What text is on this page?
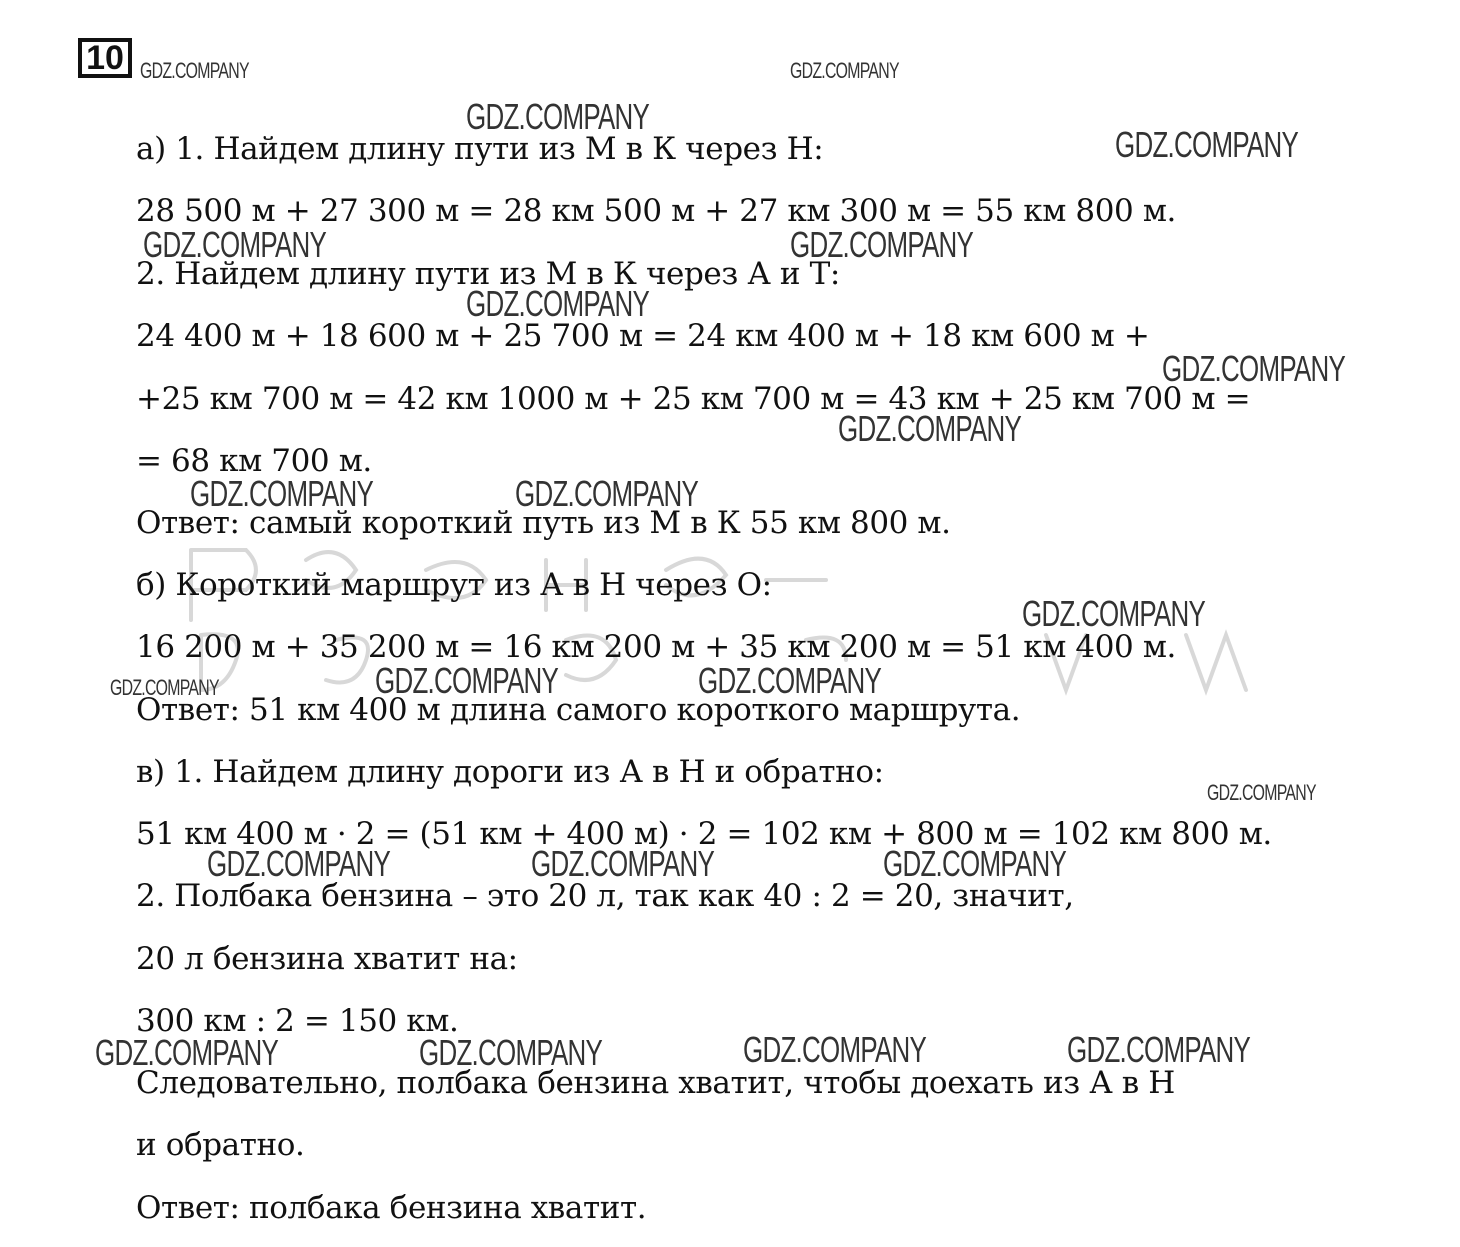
10 GDZ.COMPANY	GDZ.COMPANY
а) 1. Найдем длину пути из М в К через Н:
28 500 м + 27 300 м = 28 км 500 м + 27 км 300 м = 55 км 800 м.
2. Найдем длину пути из М в К через А и Т:
24 400 м + 18 600 м + 25 700 м = 24 км 400 м + 18 км 600 м +
+25 км 700 м = 42 км 1000 м + 25 км 700 м = 43 км + 25 км 700 м =
= 68 км 700 м.
Ответ: самый короткий путь из М в К 55 км 800 м.
б) Короткий маршрут из А в Н через О:
16 200 м + 35 200 м = 16 км 200 м + 35 км 200 м = 51 км 400 м.
Ответ: 51 км 400 м длина самого короткого маршрута.
в) 1. Найдем длину дороги из А в Н и обратно:
51 км 400 м · 2 = (51 км + 400 м) · 2 = 102 км + 800 м = 102 км 800 м.
2. Полбака бензина – это 20 л, так как 40 : 2 = 20, значит,
20 л бензина хватит на:
300 км : 2 = 150 км.
Следовательно, полбака бензина хватит, чтобы доехать из А в Н
и обратно.
Ответ: полбака бензина хватит.
GDZ.COMPANY
GDZ.COMPANY
GDZ.COMPANY	GDZ.COMPANY
GDZ.COMPANY
GDZ.COMPANY
GDZ.COMPANY
GDZ.COMPANY	GDZ.COMPANY
GDZ.COMPANY
GDZ.COMPANY	GDZ.COMPANY	GDZ.COMPANY
GDZ.COMPANY
GDZ.COMPANY	GDZ.COMPANY	GDZ.COMPANY
GDZ.COMPANY	GDZ.COMPANY	GDZ.COMPANY	GDZ.COMPANY
